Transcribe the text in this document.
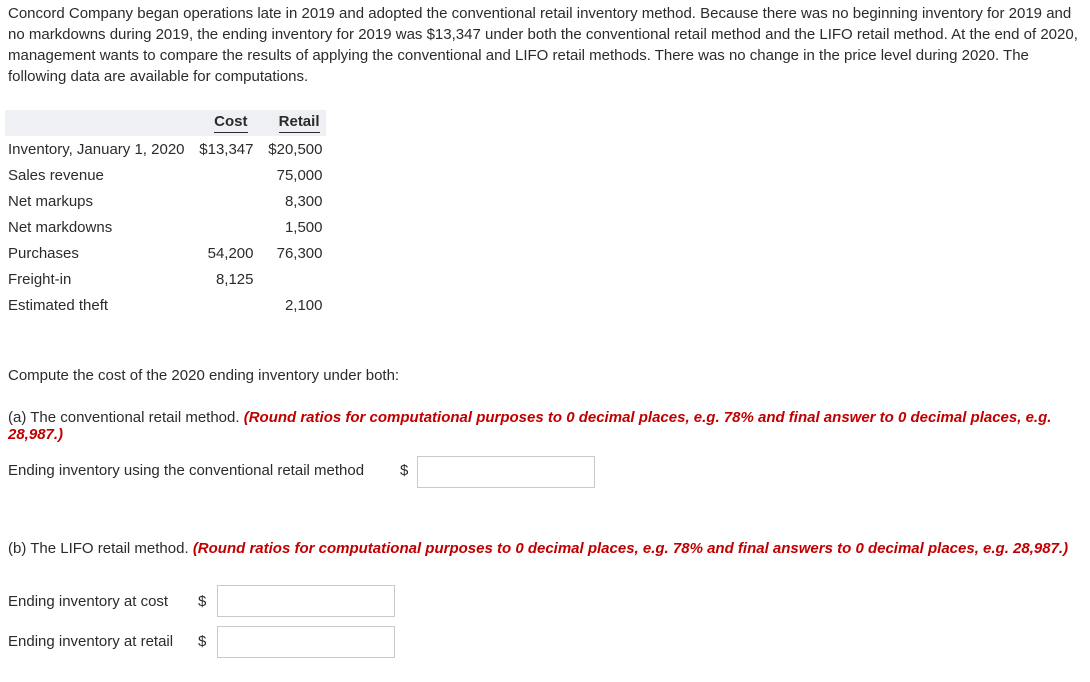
Concord Company began operations late in 2019 and adopted the conventional retail inventory method. Because there was no beginning inventory for 2019 and no markdowns during 2019, the ending inventory for 2019 was $13,347 under both the conventional retail method and the LIFO retail method. At the end of 2020, management wants to compare the results of applying the conventional and LIFO retail methods. There was no change in the price level during 2020. The following data are available for computations.

	Cost	Retail
Inventory, January 1, 2020	$13,347	$20,500
Sales revenue		75,000
Net markups		8,300
Net markdowns		1,500
Purchases	54,200	76,300
Freight-in	8,125	
Estimated theft		2,100

Compute the cost of the 2020 ending inventory under both:

(a) The conventional retail method. (Round ratios for computational purposes to 0 decimal places, e.g. 78% and final answer to 0 decimal places, e.g. 28,987.)

Ending inventory using the conventional retail method $

(b) The LIFO retail method. (Round ratios for computational purposes to 0 decimal places, e.g. 78% and final answers to 0 decimal places, e.g. 28,987.)

Ending inventory at cost $
Ending inventory at retail $
